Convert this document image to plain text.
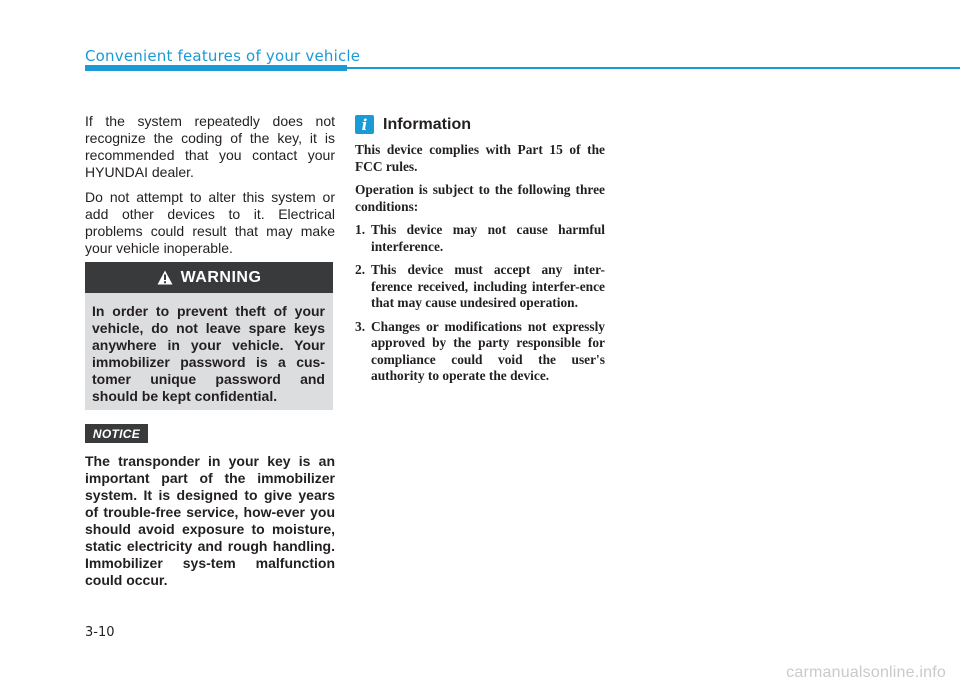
Convenient features of your vehicle

If the system repeatedly does not recognize the coding of the key, it is recommended that you contact your HYUNDAI dealer.

Do not attempt to alter this system or add other devices to it. Electrical problems could result that may make your vehicle inoperable.

WARNING
In order to prevent theft of your vehicle, do not leave spare keys anywhere in your vehicle. Your immobilizer password is a cus-tomer unique password and should be kept confidential.
NOTICE
The transponder in your key is an important part of the immobilizer system. It is designed to give years of trouble-free service, how-ever you should avoid exposure to moisture, static electricity and rough handling. Immobilizer sys-tem malfunction could occur.
i Information

This device complies with Part 15 of the FCC rules.

Operation is subject to the following three conditions:

1. This device may not cause harmful interference.
2. This device must accept any inter-ference received, including interfer-ence that may cause undesired operation.
3. Changes or modifications not expressly approved by the party responsible for compliance could void the user's authority to operate the device.
3-10
carmanualsonline.info
